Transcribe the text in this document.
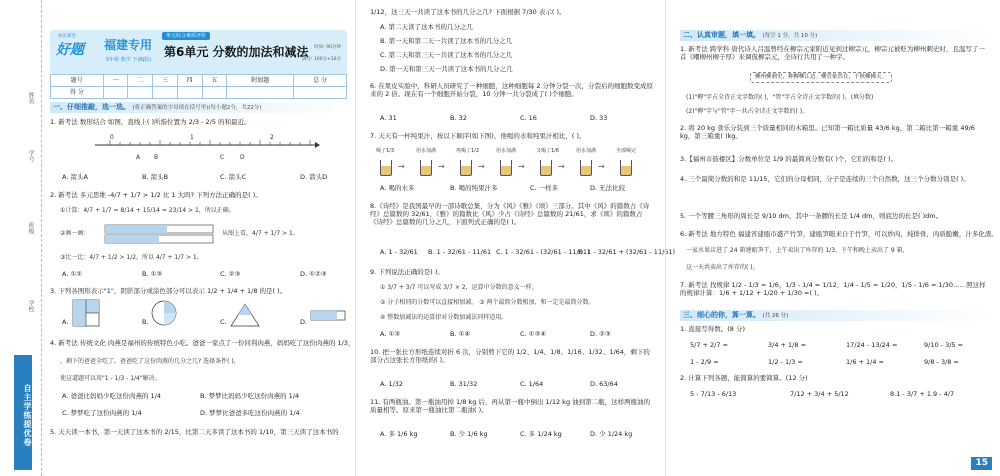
姓名
学号
班级
学校
自主学练提优卷
快乐课堂
好题 福建专用
5年级 数学 下(RJ版)
单元综合素质评价
第6单元 分数的加法和减法 时间: 90分钟
满分: 100分+10分
题号	一	二	三	四	五	附加题	总 分
得 分							
一、仔细推敲，选一选。 (将正确答案的字母填在括号里)(每小题2分，共22分)
1. 新考法 数形结合 如图，直线上( )所指位置为 2/3 - 2/5 的和最近。
0	1	2
A B	C	D
A. 箭头A	B. 箭头B	C. 箭头C	D. 箭头D
2. 新考法 多元思维 -4/7 + 1/7 > 1/2 比 1 大吗? 下列方法正确的是( )。
①计算：4/7 + 1/7 = 8/14 + 15/14 = 23/14 > 1，所以正确。
②画一画：	从图上看，4/7 + 1/7 > 1。
③比一比：4/7 + 1/2 > 1/2，所以 4/7 + 1/7 > 1。
A. ①②	B. ①③	C. ②③	D. ①②③
3. 下列各图形表示"1"，阴影部分或涂色部分可以表示 1/2 + 1/4 + 1/8 的是( )。
A.	B.	C.	D.
4. 新考法 传统文化 肉燕是福州的传统特色小吃。爸爸一家点了一份同利肉燕，妈妈吃了这份肉燕的 1/3，
，剩下的爸爸全吃了。爸爸吃了这份肉燕的几分之几? 选择条件( )，
使这道题可以用"1 - 1/3 - 1/4"解决。
A. 爸爸比妈妈少吃这份肉燕的 1/4	B. 梦梦比妈妈少吃这份肉燕的 1/4
C. 梦梦吃了这份肉燕的 1/4	D. 梦梦比爸爸多吃这份肉燕的 1/4
5. 天天读一本书，第一天读了这本书的 2/15，比第二天多读了这本书的 1/10，第三天读了这本书的
1/12，这三天一共读了这本书的几分之几? 下面根据 7/30 表示( )。
A. 第二天读了这本书的几分之几
B. 第一天和第二天一共读了这本书的几分之几
C. 第二天和第三天一共读了这本书的几分之几
D. 第一天和第三天一共读了这本书的几分之几
6. 在果皮实验中，科研人员研究了一种细胞，这种细胞每 2 分钟分裂一次，分裂后的细胞数变成原来的 2 倍。现在有一个细胞开始分裂，10 分钟一共分裂成了( )个细胞。
A. 31	B. 32	C. 16	D. 33
7. 天天有一杯纯果汁，按以下顺序(如下图)，他喝的水和纯果汁相比，( )。
喝了1/3
→
用水加满
→
再喝了1/2
→
用水加满
→
又喝了1/6
→
用水加满
→
全部喝完
A. 喝的水多	B. 喝的纯果汁多	C. 一样多	D. 无法比较
8.《诗经》是我国最早的一部诗歌总集，分为《风》《雅》《颂》三部分。其中《风》的篇数占《诗经》总篇数的 32/61，《雅》的篇数比《风》少占《诗经》总篇数的 21/61，求《颂》的篇数占《诗经》总篇数的几分之几，下面列式正确的是( )。
A. 1 - 32/61 B. 1 - 32/61 - 11/61 C. 1 - 32/61 - (32/61 - 11/61)
D. 1 - 32/61 + (32/61 - 11/61)
9. 下列说法正确的是( )。
① 3/7 + 3/7 可以写成 3/7 × 2，运算中分数的意义一样。
② 分子相同的分数可以直接相加减。 ③ 两个最简分数相加，和一定是最简分数。
④ 整数加减法的运算律对分数加减法同样适用。
A. ①③	B. ①④	C. ①③④	D. ②③
10. 把一张长方形纸连续对折 6 次，分别剪下它的 1/2、1/4、1/8、1/16、1/32、1/64，剩下的部分占这张长方形纸的( )。
A. 1/32	B. 31/32	C. 1/64	D. 63/64
11. 有两瓶油。第一瓶油用掉 1/8 kg 后，再从第一瓶中倒出 1/12 kg 油到第二瓶，这样两瓶油的质量相等。原来第一瓶油比第二瓶油( )。
A. 多 1/6 kg	B. 少 1/6 kg	C. 多 1/24 kg	D. 少 1/24 kg
二、认真审题，填一填。 (每空 1 分，共 10 分)
1. 新考法 跨学科 唐代诗人吕温曾经在柳宗元家附近见到过柳宗元，柳宗元被贬为柳州刺史时，且温写了一首《嘲柳州柳子厚》来调侃柳宗元，全诗行共用了一种字。
柳州柳刺史，种柳柳江边。柳管依然在，千秋柳拂天。
(1)"柳"字占全诗正文字数的( )，"管"字占全诗正文字数的( )。(填分数)
(2)"柳"字与"管"字一共占全诗正文字数的( )。
2. 将 20 kg 食乐分装到三个质量相同的木箱里。已知第一箱比质量 43/6 kg，第二箱比第一箱重 49/6 kg，第三箱重( )kg。
3.【福州市鼓楼区】分数单位是 1/9 的最简真分数有( )个，它们的和是( )。
4. 三个最简分数的和是 11/15，它们的分母相同，分子是连续的三个自然数，这三个分数分别是( )。
5. 一个等腰三角形的周长是 9/10 dm，其中一条腰的长是 1/4 dm，则底边的长是( )dm。
6. 新考法 地方特色 福建省建瓯市盛产竹笋，建瓯笋眼来自于竹笋，可以炒肉，炖排骨，肉质脆嫩，汁多化渣。
一家水果店进了 24 箱建瓯笋干，上午卖出了库存的 1/3，下午和晚上卖出了 9 箱，
这一天共卖出了库存的( )。
7. 新考法 找规律 1/2 - 1/3 = 1/6，1/3 - 1/4 = 1/12，1/4 - 1/5 = 1/20，1/5 - 1/6 = 1/30……照这样的规律计算：1/6 + 1/12 + 1/20 + 1/30 =( )。
三、细心的你，算一算。 (共 26 分)
1. 直接写得数。(8 分)
5/7 + 2/7 =	3/4 + 1/8 =	17/24 - 13/24 =	9/10 - 3/5 =
1 - 2/9 =	1/2 - 1/3 =	1/6 + 1/4 =	9/8 - 3/8 =
2. 计算下列各题，能简算的要简算。(12 分)
5 - 7/13 - 6/13	7/12 + 3/4 + 5/12	8.1 - 3/7 + 1.9 - 4/7
15
